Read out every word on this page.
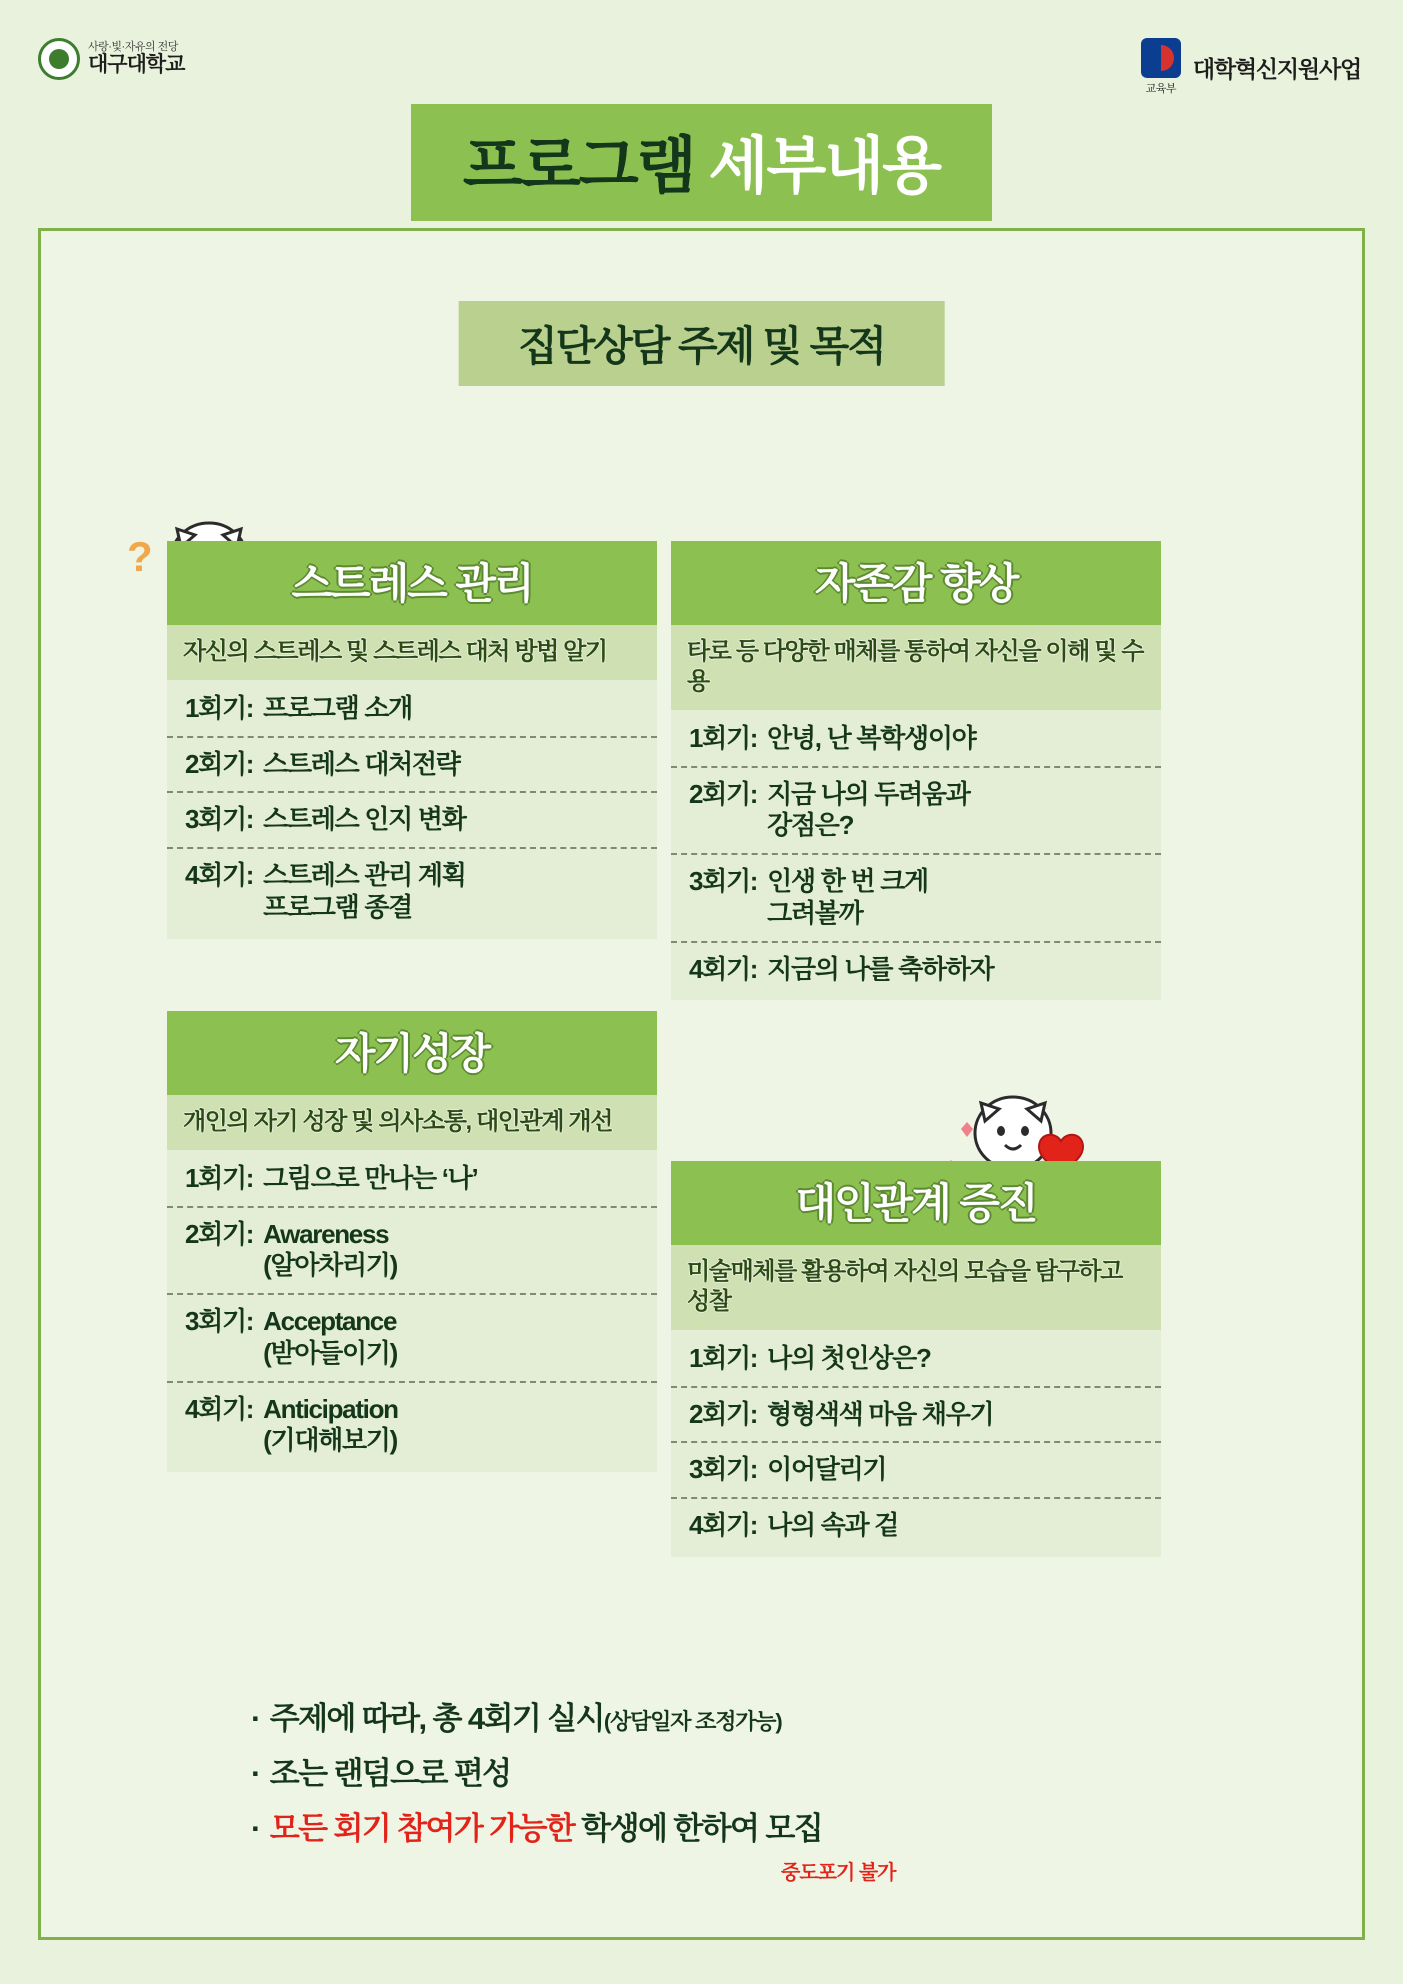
사랑·빛·자유의 전당
대구대학교
교육부
대학혁신지원사업
프로그램 세부내용
집단상담 주제 및 목적
?
스트레스 관리
자신의 스트레스 및 스트레스 대처 방법 알기
1회기: 프로그램 소개
2회기: 스트레스 대처전략
3회기: 스트레스 인지 변화
4회기: 스트레스 관리 계획
프로그램 종결
자존감 향상
타로 등 다양한 매체를 통하여 자신을 이해 및 수용
1회기: 안녕, 난 복학생이야
2회기: 지금 나의 두려움과
강점은?
3회기: 인생 한 번 크게
그려볼까
4회기: 지금의 나를 축하하자
자기성장
개인의 자기 성장 및 의사소통, 대인관계 개선
1회기: 그림으로 만나는 ‘나’
2회기: Awareness
(알아차리기)
3회기: Acceptance
(받아들이기)
4회기: Anticipation
(기대해보기)
대인관계 증진
미술매체를 활용하여 자신의 모습을 탐구하고 성찰
1회기: 나의 첫인상은?
2회기: 형형색색 마음 채우기
3회기: 이어달리기
4회기: 나의 속과 겉
· 주제에 따라, 총 4회기 실시 (상담일자 조정가능)
· 조는 랜덤으로 편성
· 모든 회기 참여가 가능한
학생에 한하여 모집
중도포기 불가
